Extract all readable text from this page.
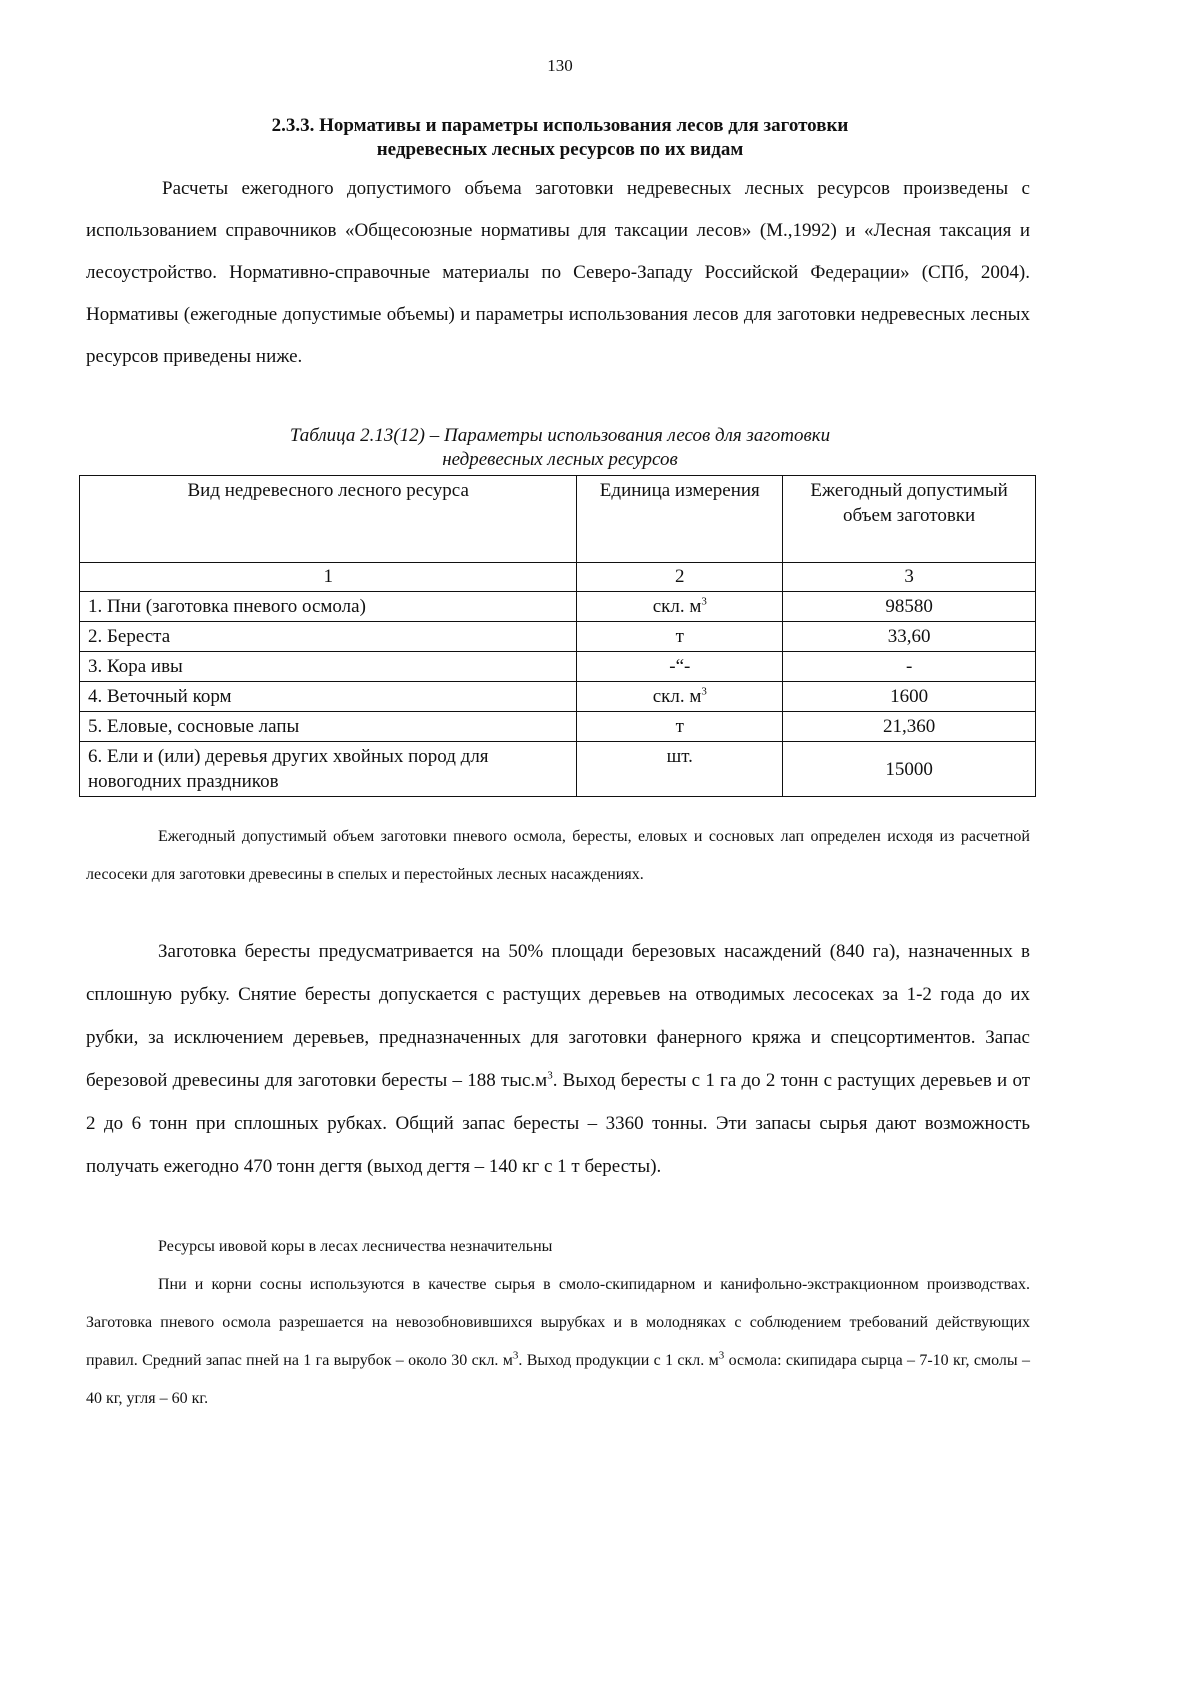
130
2.3.3. Нормативы и параметры использования лесов для заготовки
недревесных лесных ресурсов по их видам
Расчеты ежегодного допустимого объема заготовки недревесных лесных ресурсов произведены с использованием справочников «Общесоюзные нормативы для таксации лесов» (М.,1992) и «Лесная таксация и лесоустройство. Нормативно-справочные материалы по Северо-Западу Российской Федерации» (СПб, 2004). Нормативы (ежегодные допустимые объемы) и параметры использования лесов для заготовки недревесных лесных ресурсов приведены ниже.
Таблица 2.13(12) – Параметры использования лесов для заготовки
недревесных лесных ресурсов
Вид недревесного лесного ресурса	Единица измерения	Ежегодный допустимый объем заготовки
1	2	3
1. Пни (заготовка пневого осмола)	скл. $м^3$	98580
2. Береста	т	33,60
3. Кора ивы	-“-	-
4. Веточный корм	скл. $м^3$	1600
5. Еловые, сосновые лапы	т	21,360
6. Ели и (или) деревья других хвойных пород для новогодних праздников	шт.	15000

Ежегодный допустимый объем заготовки пневого осмола, бересты, еловых и сосновых лап определен исходя из расчетной лесосеки для заготовки древесины в спелых и перестойных лесных насаждениях.

Заготовка бересты предусматривается на 50% площади березовых насаждений (840 га), назначенных в сплошную рубку. Снятие бересты допускается с растущих деревьев на отводимых лесосеках за 1-2 года до их рубки, за исключением деревьев, предназначенных для заготовки фанерного кряжа и спецсортиментов. Запас березовой древесины для заготовки бересты – 188 $тыс.м^3$. Выход бересты с 1 га до 2 тонн с растущих деревьев и от 2 до 6 тонн при сплошных рубках. Общий запас бересты – 3360 тонны. Эти запасы сырья дают возможность получать ежегодно 470 тонн дегтя (выход дегтя – 140 кг с 1 т бересты).

Ресурсы ивовой коры в лесах лесничества незначительны

Пни и корни сосны используются в качестве сырья в смоло-скипидарном и канифольно-экстракционном производствах. Заготовка пневого осмола разрешается на невозобновившихся вырубках и в молодняках с соблюдением требований действующих правил. Средний запас пней на 1 га вырубок – около 30 скл. $м^3$. Выход продукции с 1 скл. $м^3$ осмола: скипидара сырца – 7-10 кг, смолы – 40 кг, угля – 60 кг.
